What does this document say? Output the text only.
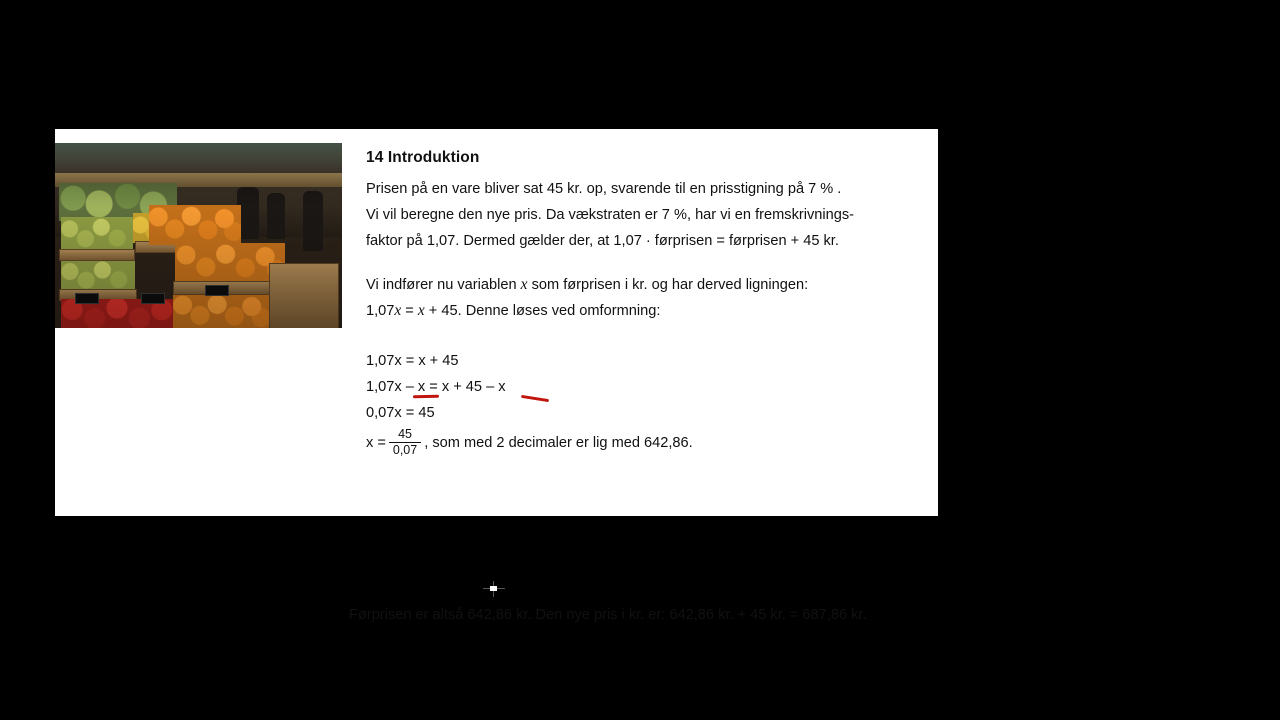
14 Introduktion

Prisen på en vare bliver sat 45 kr. op, svarende til en prisstigning på 7 % .

Vi vil beregne den nye pris. Da vækstraten er 7 %, har vi en fremskrivnings-

faktor på 1,07. Dermed gælder der, at 1,07 · førprisen = førprisen + 45 kr.

Vi indfører nu variablen x som førprisen i kr. og har derved ligningen:

1,07x = x + 45. Denne løses ved omformning:

1,07x = x + 45
1,07x – x = x + 45 – x
0,07x = 45
$x = \frac{45}{0,07}$ , som med 2 decimaler er lig med 642,86.
Førprisen er altså 642,86 kr. Den nye pris i kr. er: 642,86 kr. + 45 kr. = 687,86 kr.
